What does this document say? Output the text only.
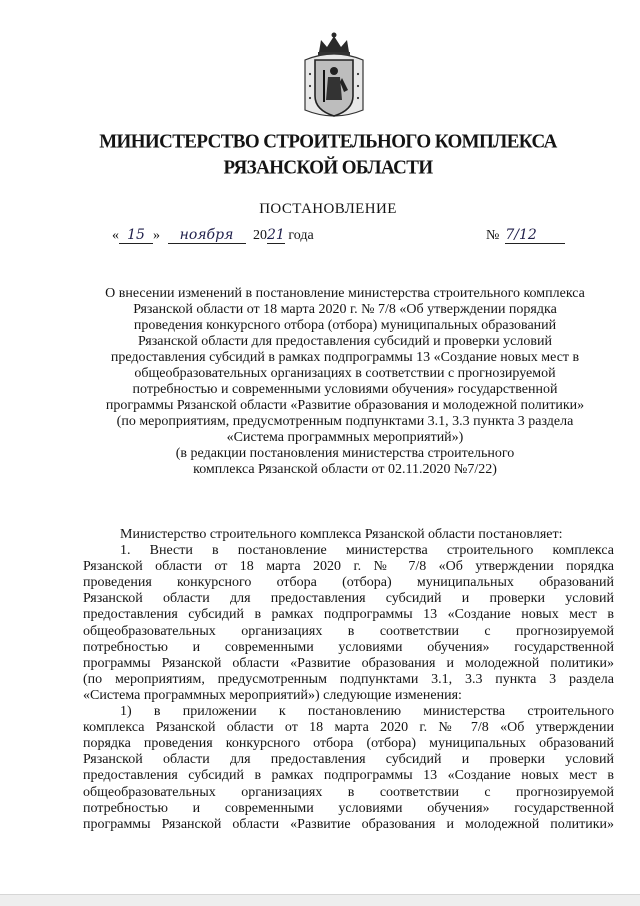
МИНИСТЕРСТВО СТРОИТЕЛЬНОГО КОМПЛЕКСА
РЯЗАНСКОЙ ОБЛАСТИ
ПОСТАНОВЛЕНИЕ
« 15 » ноября 2021 года	№ 7/12
О внесении изменений в постановление министерства строительного комплекса
Рязанской области от 18 марта 2020 г. № 7/8 «Об утверждении порядка
проведения конкурсного отбора (отбора) муниципальных образований
Рязанской области для предоставления субсидий и проверки условий
предоставления субсидий в рамках подпрограммы 13 «Создание новых мест в
общеобразовательных организациях в соответствии с прогнозируемой
потребностью и современными условиями обучения» государственной
программы Рязанской области «Развитие образования и молодежной политики»
(по мероприятиям, предусмотренным подпунктами 3.1, 3.3 пункта 3 раздела
«Система программных мероприятий»)
(в редакции постановления министерства строительного
комплекса Рязанской области от 02.11.2020 №7/22)
Министерство строительного комплекса Рязанской области постановляет:
1. Внести в постановление министерства строительного комплекса
Рязанской области от 18 марта 2020 г. № 7/8 «Об утверждении порядка
проведения конкурсного отбора (отбора) муниципальных образований
Рязанской области для предоставления субсидий и проверки условий
предоставления субсидий в рамках подпрограммы 13 «Создание новых мест в
общеобразовательных организациях в соответствии с прогнозируемой
потребностью и современными условиями обучения» государственной
программы Рязанской области «Развитие образования и молодежной политики»
(по мероприятиям, предусмотренным подпунктами 3.1, 3.3 пункта 3 раздела
«Система программных мероприятий») следующие изменения:
1) в приложении к постановлению министерства строительного
комплекса Рязанской области от 18 марта 2020 г. № 7/8 «Об утверждении
порядка проведения конкурсного отбора (отбора) муниципальных образований
Рязанской области для предоставления субсидий и проверки условий
предоставления субсидий в рамках подпрограммы 13 «Создание новых мест в
общеобразовательных организациях в соответствии с прогнозируемой
потребностью и современными условиями обучения» государственной
программы Рязанской области «Развитие образования и молодежной политики»
